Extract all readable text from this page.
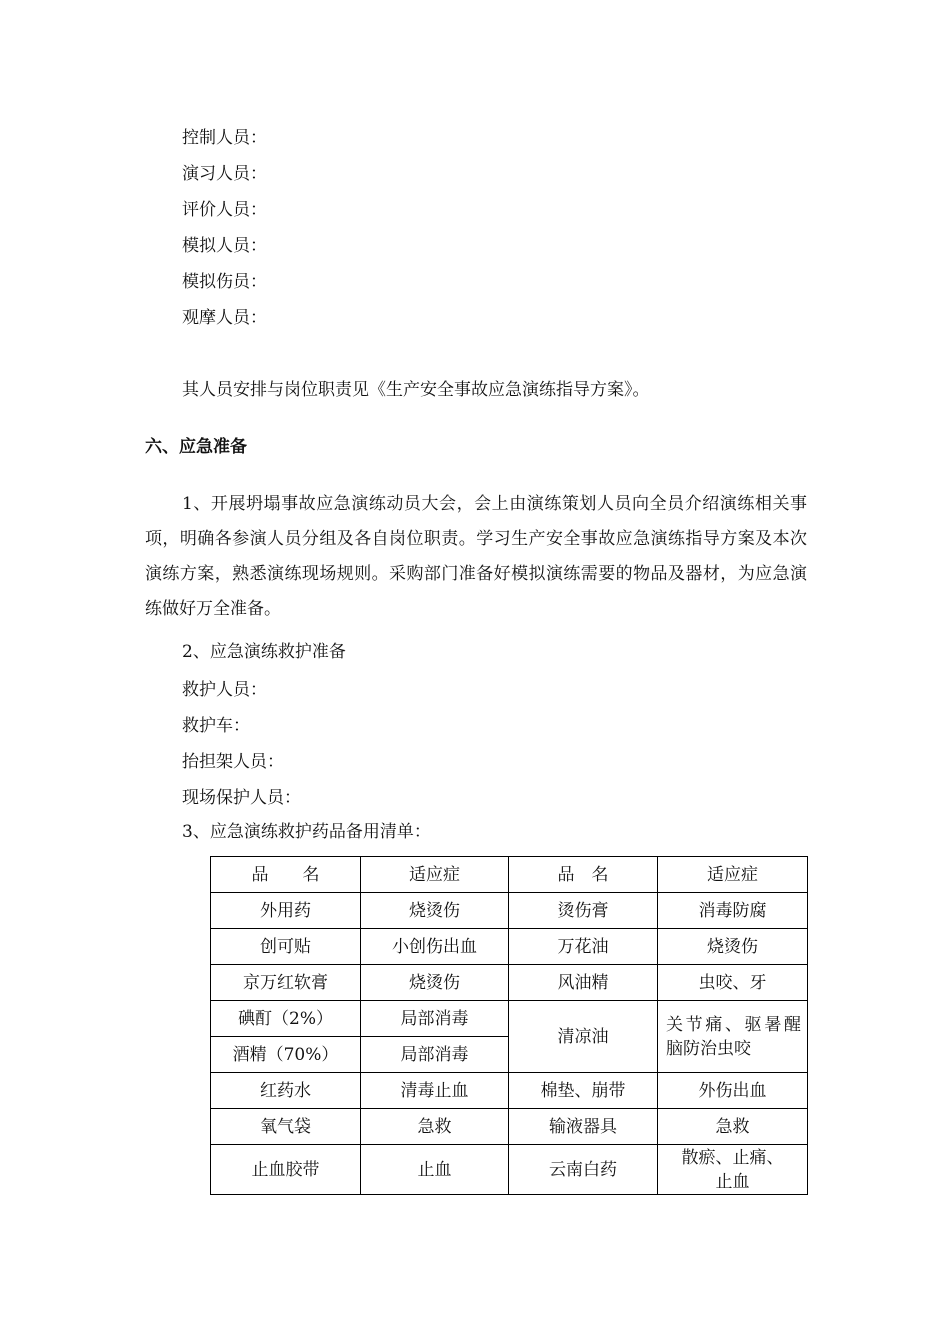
控制人员：
演习人员：
评价人员：
模拟人员：
模拟伤员：
观摩人员：
其人员安排与岗位职责见《生产安全事故应急演练指导方案》。
六、应急准备
1、开展坍塌事故应急演练动员大会，会上由演练策划人员向全员介绍演练相关事项，明确各参演人员分组及各自岗位职责。学习生产安全事故应急演练指导方案及本次演练方案，熟悉演练现场规则。采购部门准备好模拟演练需要的物品及器材，为应急演练做好万全准备。
2、应急演练救护准备
救护人员：
救护车：
抬担架人员：
现场保护人员：
3、应急演练救护药品备用清单：
品　　名	适应症	品　名	适应症
外用药	烧烫伤	烫伤膏	消毒防腐
创可贴	小创伤出血	万花油	烧烫伤
京万红软膏	烧烫伤	风油精	虫咬、牙
碘酊（2%）	局部消毒	清凉油	关节痛、驱暑醒脑防治虫咬
酒精（70%）	局部消毒		
红药水	清毒止血	棉垫、崩带	外伤出血
氧气袋	急救	输液器具	急救
止血胶带	止血	云南白药	散瘀、止痛、止血
